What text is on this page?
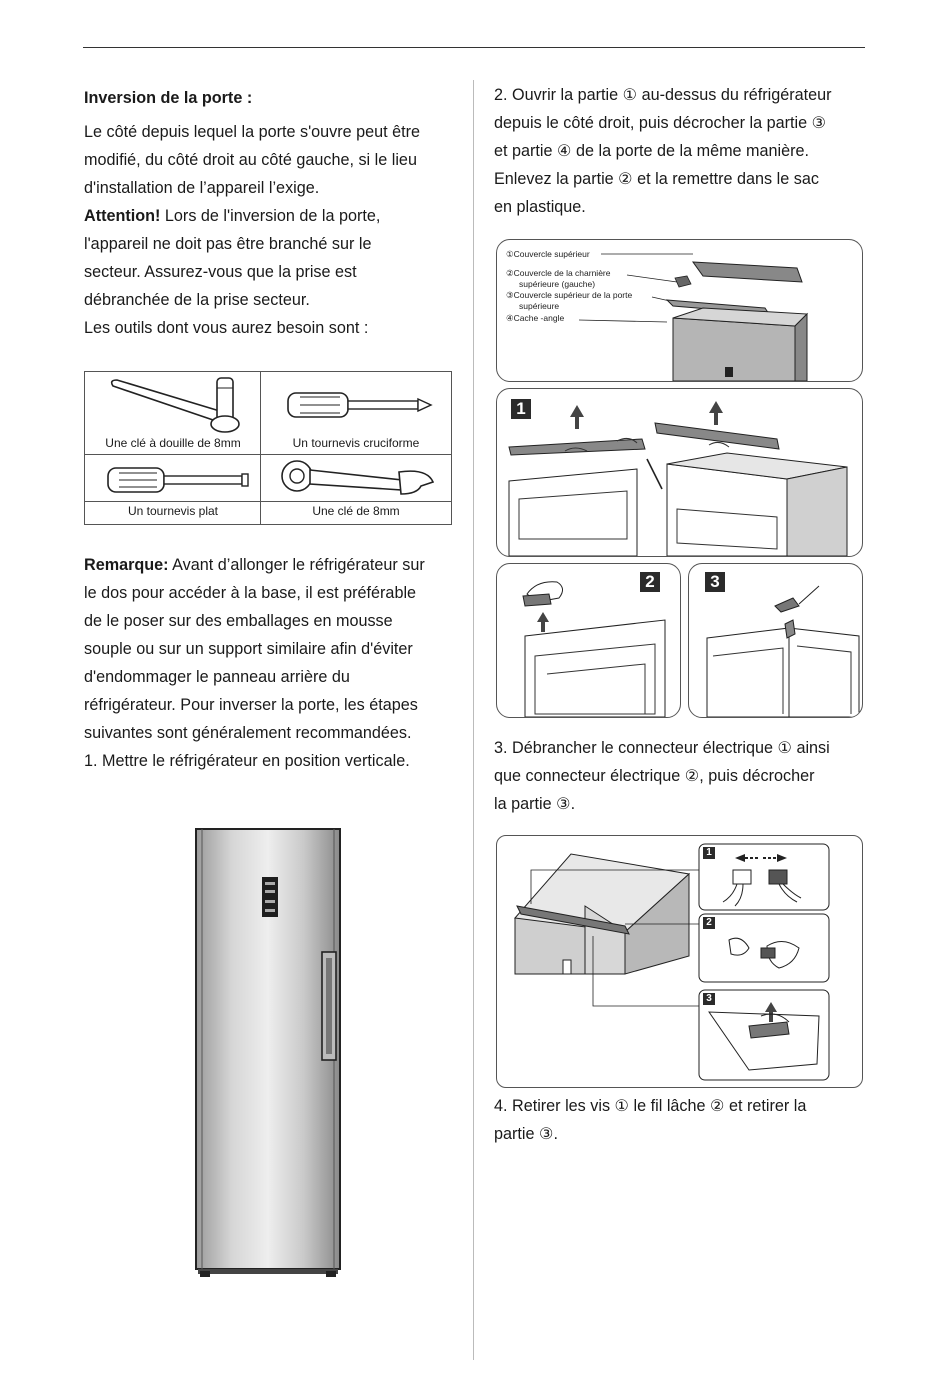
Inversion de la porte :

Le côté depuis lequel la porte s'ouvre peut être

modifié, du côté droit au côté gauche, si le lieu

d'installation de l’appareil l’exige.

Attention! Lors de l'inversion de la porte,

l'appareil ne doit pas être branché sur le

secteur. Assurez-vous que la prise est

débranchée de la prise secteur.

Les outils dont vous aurez besoin sont :

Une clé à douille de 8mm	Un tournevis cruciforme
Un tournevis plat	Une clé de 8mm

Remarque: Avant d’allonger le réfrigérateur sur

le dos pour accéder à la base, il est préférable

de le poser sur des emballages en mousse

souple ou sur un support similaire afin d'éviter

d'endommager le panneau arrière du

réfrigérateur. Pour inverser la porte, les étapes

suivantes sont généralement recommandées.

1. Mettre le réfrigérateur en position verticale.

2. Ouvrir la partie ① au-dessus du réfrigérateur

depuis le côté droit, puis décrocher la partie ③

et partie ④ de la porte de la même manière.

Enlevez la partie ② et la remettre dans le sac

en plastique.

①Couvercle supérieur
②Couvercle de la charnière
supérieure (gauche)
③Couvercle supérieur de la porte
supérieure
④Cache -angle
1
2	3

3. Débrancher le connecteur électrique ① ainsi

que connecteur électrique ②, puis décrocher

la partie ③.

1
2
3

4. Retirer les vis ① le fil lâche ② et retirer la

partie ③.
